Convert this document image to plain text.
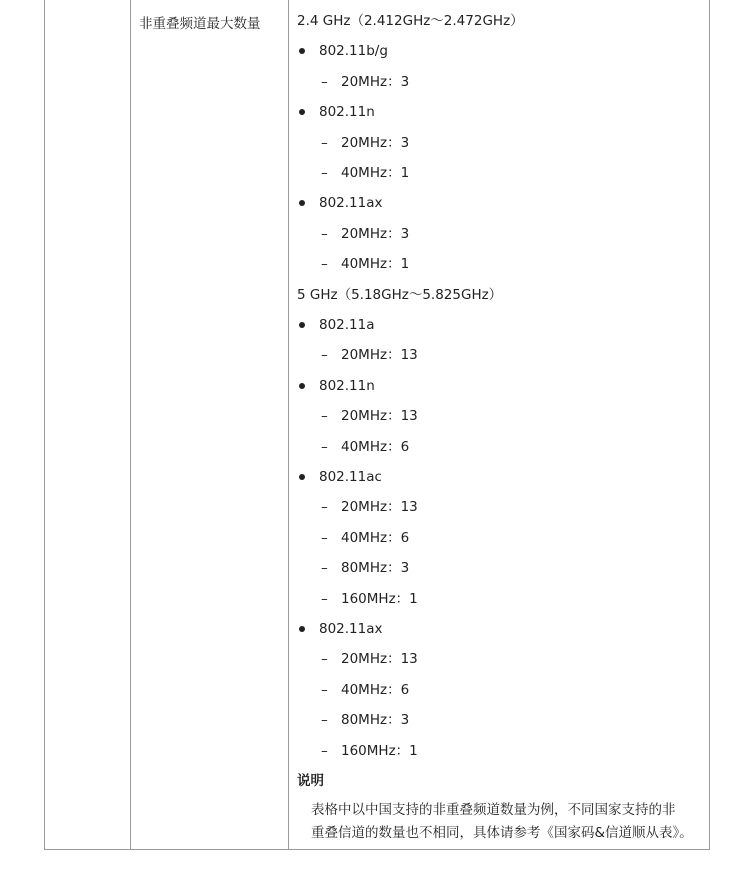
非重叠频道最大数量	2.4 GHz（2.412GHz～2.472GHz）
802.11b/g
– 20MHz：3
802.11n
– 20MHz：3
– 40MHz：1
802.11ax
– 20MHz：3
– 40MHz：1
5 GHz（5.18GHz～5.825GHz）
802.11a
– 20MHz：13
802.11n
– 20MHz：13
– 40MHz：6
802.11ac
– 20MHz：13
– 40MHz：6
– 80MHz：3
– 160MHz：1
802.11ax
– 20MHz：13
– 40MHz：6
– 80MHz：3
– 160MHz：1
说明
表格中以中国支持的非重叠频道数量为例，不同国家支持的非
重叠信道的数量也不相同，具体请参考《国家码&信道顺从表》。
